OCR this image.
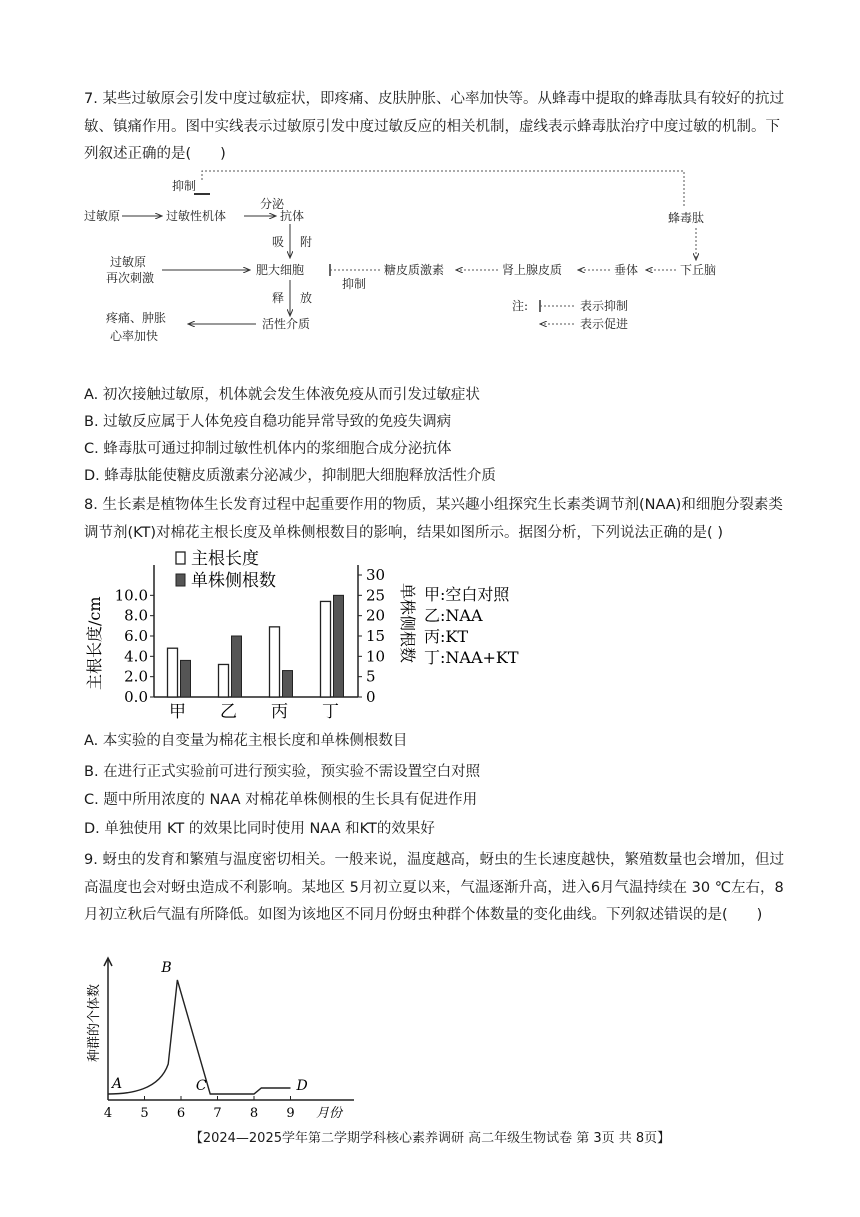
7. 某些过敏原会引发中度过敏症状，即疼痛、皮肤肿胀、心率加快等。从蜂毒中提取的蜂毒肽具有较好的抗过敏、镇痛作用。图中实线表示过敏原引发中度过敏反应的相关机制，虚线表示蜂毒肽治疗中度过敏的机制。下列叙述正确的是(　　)
抑制
过敏原	过敏性机体
分泌
抗体
吸 附
过敏原
再次刺激
肥大细胞
抑制
糖皮质激素	肾上腺皮质	垂体	下丘脑
蜂毒肽
释 放
活性介质
疼痛、肿胀
心率加快
注:	表示抑制
表示促进
A. 初次接触过敏原，机体就会发生体液免疫从而引发过敏症状
B. 过敏反应属于人体免疫自稳功能异常导致的免疫失调病
C. 蜂毒肽可通过抑制过敏性机体内的浆细胞合成分泌抗体
D. 蜂毒肽能使糖皮质激素分泌减少，抑制肥大细胞释放活性介质
8. 生长素是植物体生长发育过程中起重要作用的物质，某兴趣小组探究生长素类调节剂(NAA)和细胞分裂素类调节剂(KT)对棉花主根长度及单株侧根数目的影响，结果如图所示。据图分析，下列说法正确的是( )
0.0
2.0
4.0
6.0
8.0
10.0
0
5
10
15
20
25
30
主根长度/cm	单株侧根数
甲 乙 丙 丁
主根长度
单株侧根数
甲:空白对照
乙:NAA
丙:KT
丁:NAA+KT
A. 本实验的自变量为棉花主根长度和单株侧根数目
B. 在进行正式实验前可进行预实验，预实验不需设置空白对照
C. 题中所用浓度的 NAA 对棉花单株侧根的生长具有促进作用
D. 单独使用 KT 的效果比同时使用 NAA 和KT的效果好
9. 蚜虫的发育和繁殖与温度密切相关。一般来说，温度越高，蚜虫的生长速度越快，繁殖数量也会增加，但过高温度也会对蚜虫造成不利影响。某地区 5月初立夏以来，气温逐渐升高，进入6月气温持续在 30 ℃左右，8月初立秋后气温有所降低。如图为该地区不同月份蚜虫种群个体数量的变化曲线。下列叙述错误的是(　　)
4 5 6 7 8 9 月份
种群的个体数
A
B
C	D
【2024—2025学年第二学期学科核心素养调研 高二年级生物试卷 第 3页 共 8页】
